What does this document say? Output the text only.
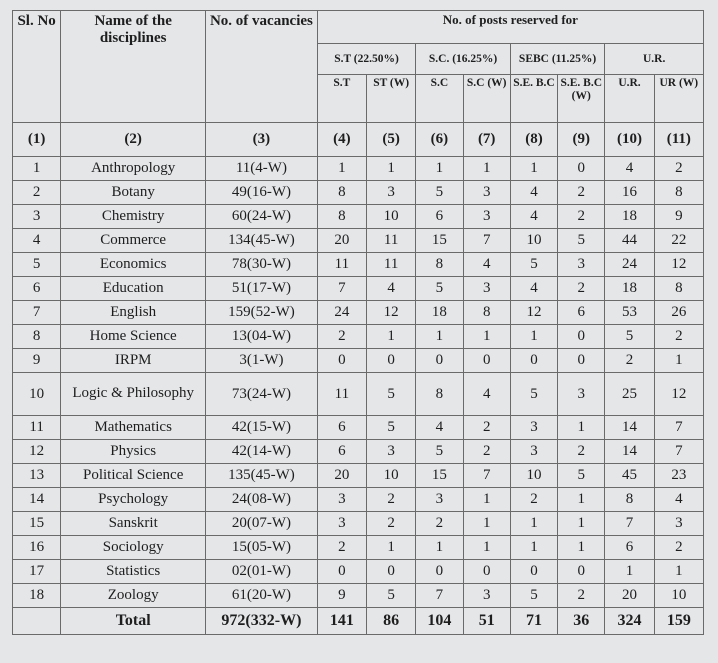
Sl. No	Name of the disciplines	No. of vacancies	No. of posts reserved for							
			S.T (22.50%)		S.C. (16.25%)		SEBC (11.25%)		U.R.	
			S.T	ST (W)	S.C	S.C (W)	S.E. B.C	S.E. B.C (W)	U.R.	UR (W)
(1)	(2)	(3)	(4)	(5)	(6)	(7)	(8)	(9)	(10)	(11)
1	Anthropology	11(4-W)	1	1	1	1	1	0	4	2
2	Botany	49(16-W)	8	3	5	3	4	2	16	8
3	Chemistry	60(24-W)	8	10	6	3	4	2	18	9
4	Commerce	134(45-W)	20	11	15	7	10	5	44	22
5	Economics	78(30-W)	11	11	8	4	5	3	24	12
6	Education	51(17-W)	7	4	5	3	4	2	18	8
7	English	159(52-W)	24	12	18	8	12	6	53	26
8	Home Science	13(04-W)	2	1	1	1	1	0	5	2
9	IRPM	3(1-W)	0	0	0	0	0	0	2	1
10	Logic & Philosophy	73(24-W)	11	5	8	4	5	3	25	12
11	Mathematics	42(15-W)	6	5	4	2	3	1	14	7
12	Physics	42(14-W)	6	3	5	2	3	2	14	7
13	Political Science	135(45-W)	20	10	15	7	10	5	45	23
14	Psychology	24(08-W)	3	2	3	1	2	1	8	4
15	Sanskrit	20(07-W)	3	2	2	1	1	1	7	3
16	Sociology	15(05-W)	2	1	1	1	1	1	6	2
17	Statistics	02(01-W)	0	0	0	0	0	0	1	1
18	Zoology	61(20-W)	9	5	7	3	5	2	20	10
	Total	972(332-W)	141	86	104	51	71	36	324	159
